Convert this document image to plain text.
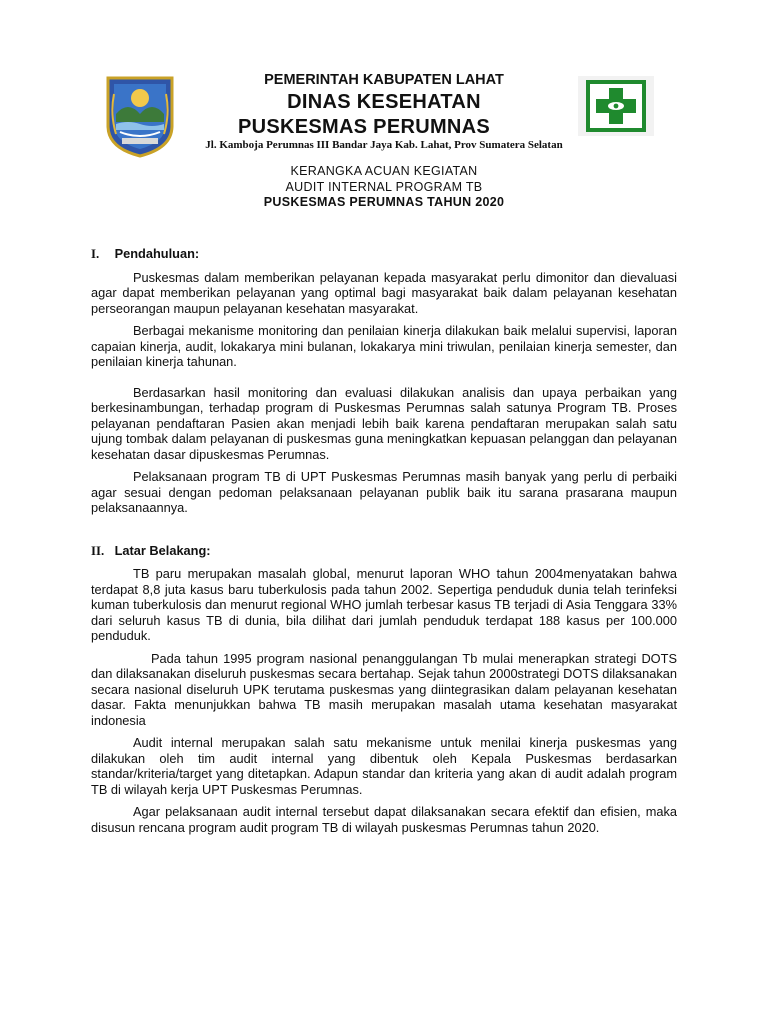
PEMERINTAH KABUPATEN LAHAT
DINAS KESEHATAN
PUSKESMAS PERUMNAS
Jl. Kamboja Perumnas III Bandar Jaya Kab. Lahat, Prov Sumatera Selatan
KERANGKA ACUAN KEGIATAN
AUDIT INTERNAL PROGRAM TB
PUSKESMAS PERUMNAS TAHUN 2020
I. Pendahuluan:

Puskesmas dalam memberikan pelayanan kepada masyarakat perlu dimonitor dan dievaluasi agar dapat memberikan pelayanan yang optimal bagi masyarakat baik dalam pelayanan kesehatan perseorangan maupun pelayanan kesehatan masyarakat.

Berbagai mekanisme monitoring dan penilaian kinerja dilakukan baik melalui supervisi, laporan capaian kinerja, audit, lokakarya mini bulanan, lokakarya mini triwulan, penilaian kinerja semester, dan penilaian kinerja tahunan.

Berdasarkan hasil monitoring dan evaluasi dilakukan analisis dan upaya perbaikan yang berkesinambungan, terhadap program di Puskesmas Perumnas salah satunya Program TB. Proses pelayanan pendaftaran Pasien akan menjadi lebih baik karena pendaftaran merupakan salah satu ujung tombak dalam pelayanan di puskesmas guna meningkatkan kepuasan pelanggan dan pelayanan kesehatan dasar dipuskesmas Perumnas.

Pelaksanaan program TB di UPT Puskesmas Perumnas masih banyak yang perlu di perbaiki agar sesuai dengan pedoman pelaksanaan pelayanan publik baik itu sarana prasarana maupun pelaksanaannya.

II. Latar Belakang:

TB paru merupakan masalah global, menurut laporan WHO tahun 2004menyatakan bahwa terdapat 8,8 juta kasus baru tuberkulosis pada tahun 2002. Sepertiga penduduk dunia telah terinfeksi kuman tuberkulosis dan menurut regional WHO jumlah terbesar kasus TB terjadi di Asia Tenggara 33% dari seluruh kasus TB di dunia, bila dilihat dari jumlah penduduk terdapat 188 kasus per 100.000 penduduk.

Pada tahun 1995 program nasional penanggulangan Tb mulai menerapkan strategi DOTS dan dilaksanakan diseluruh puskesmas secara bertahap. Sejak tahun 2000strategi DOTS dilaksanakan secara nasional diseluruh UPK terutama puskesmas yang diintegrasikan dalam pelayanan kesehatan dasar. Fakta menunjukkan bahwa TB masih merupakan masalah utama kesehatan masyarakat indonesia

Audit internal merupakan salah satu mekanisme untuk menilai kinerja puskesmas yang dilakukan oleh tim audit internal yang dibentuk oleh Kepala Puskesmas berdasarkan standar/kriteria/target yang ditetapkan. Adapun standar dan kriteria yang akan di audit adalah program TB di wilayah kerja UPT Puskesmas Perumnas.

Agar pelaksanaan audit internal tersebut dapat dilaksanakan secara efektif dan efisien, maka disusun rencana program audit program TB di wilayah puskesmas Perumnas tahun 2020.
